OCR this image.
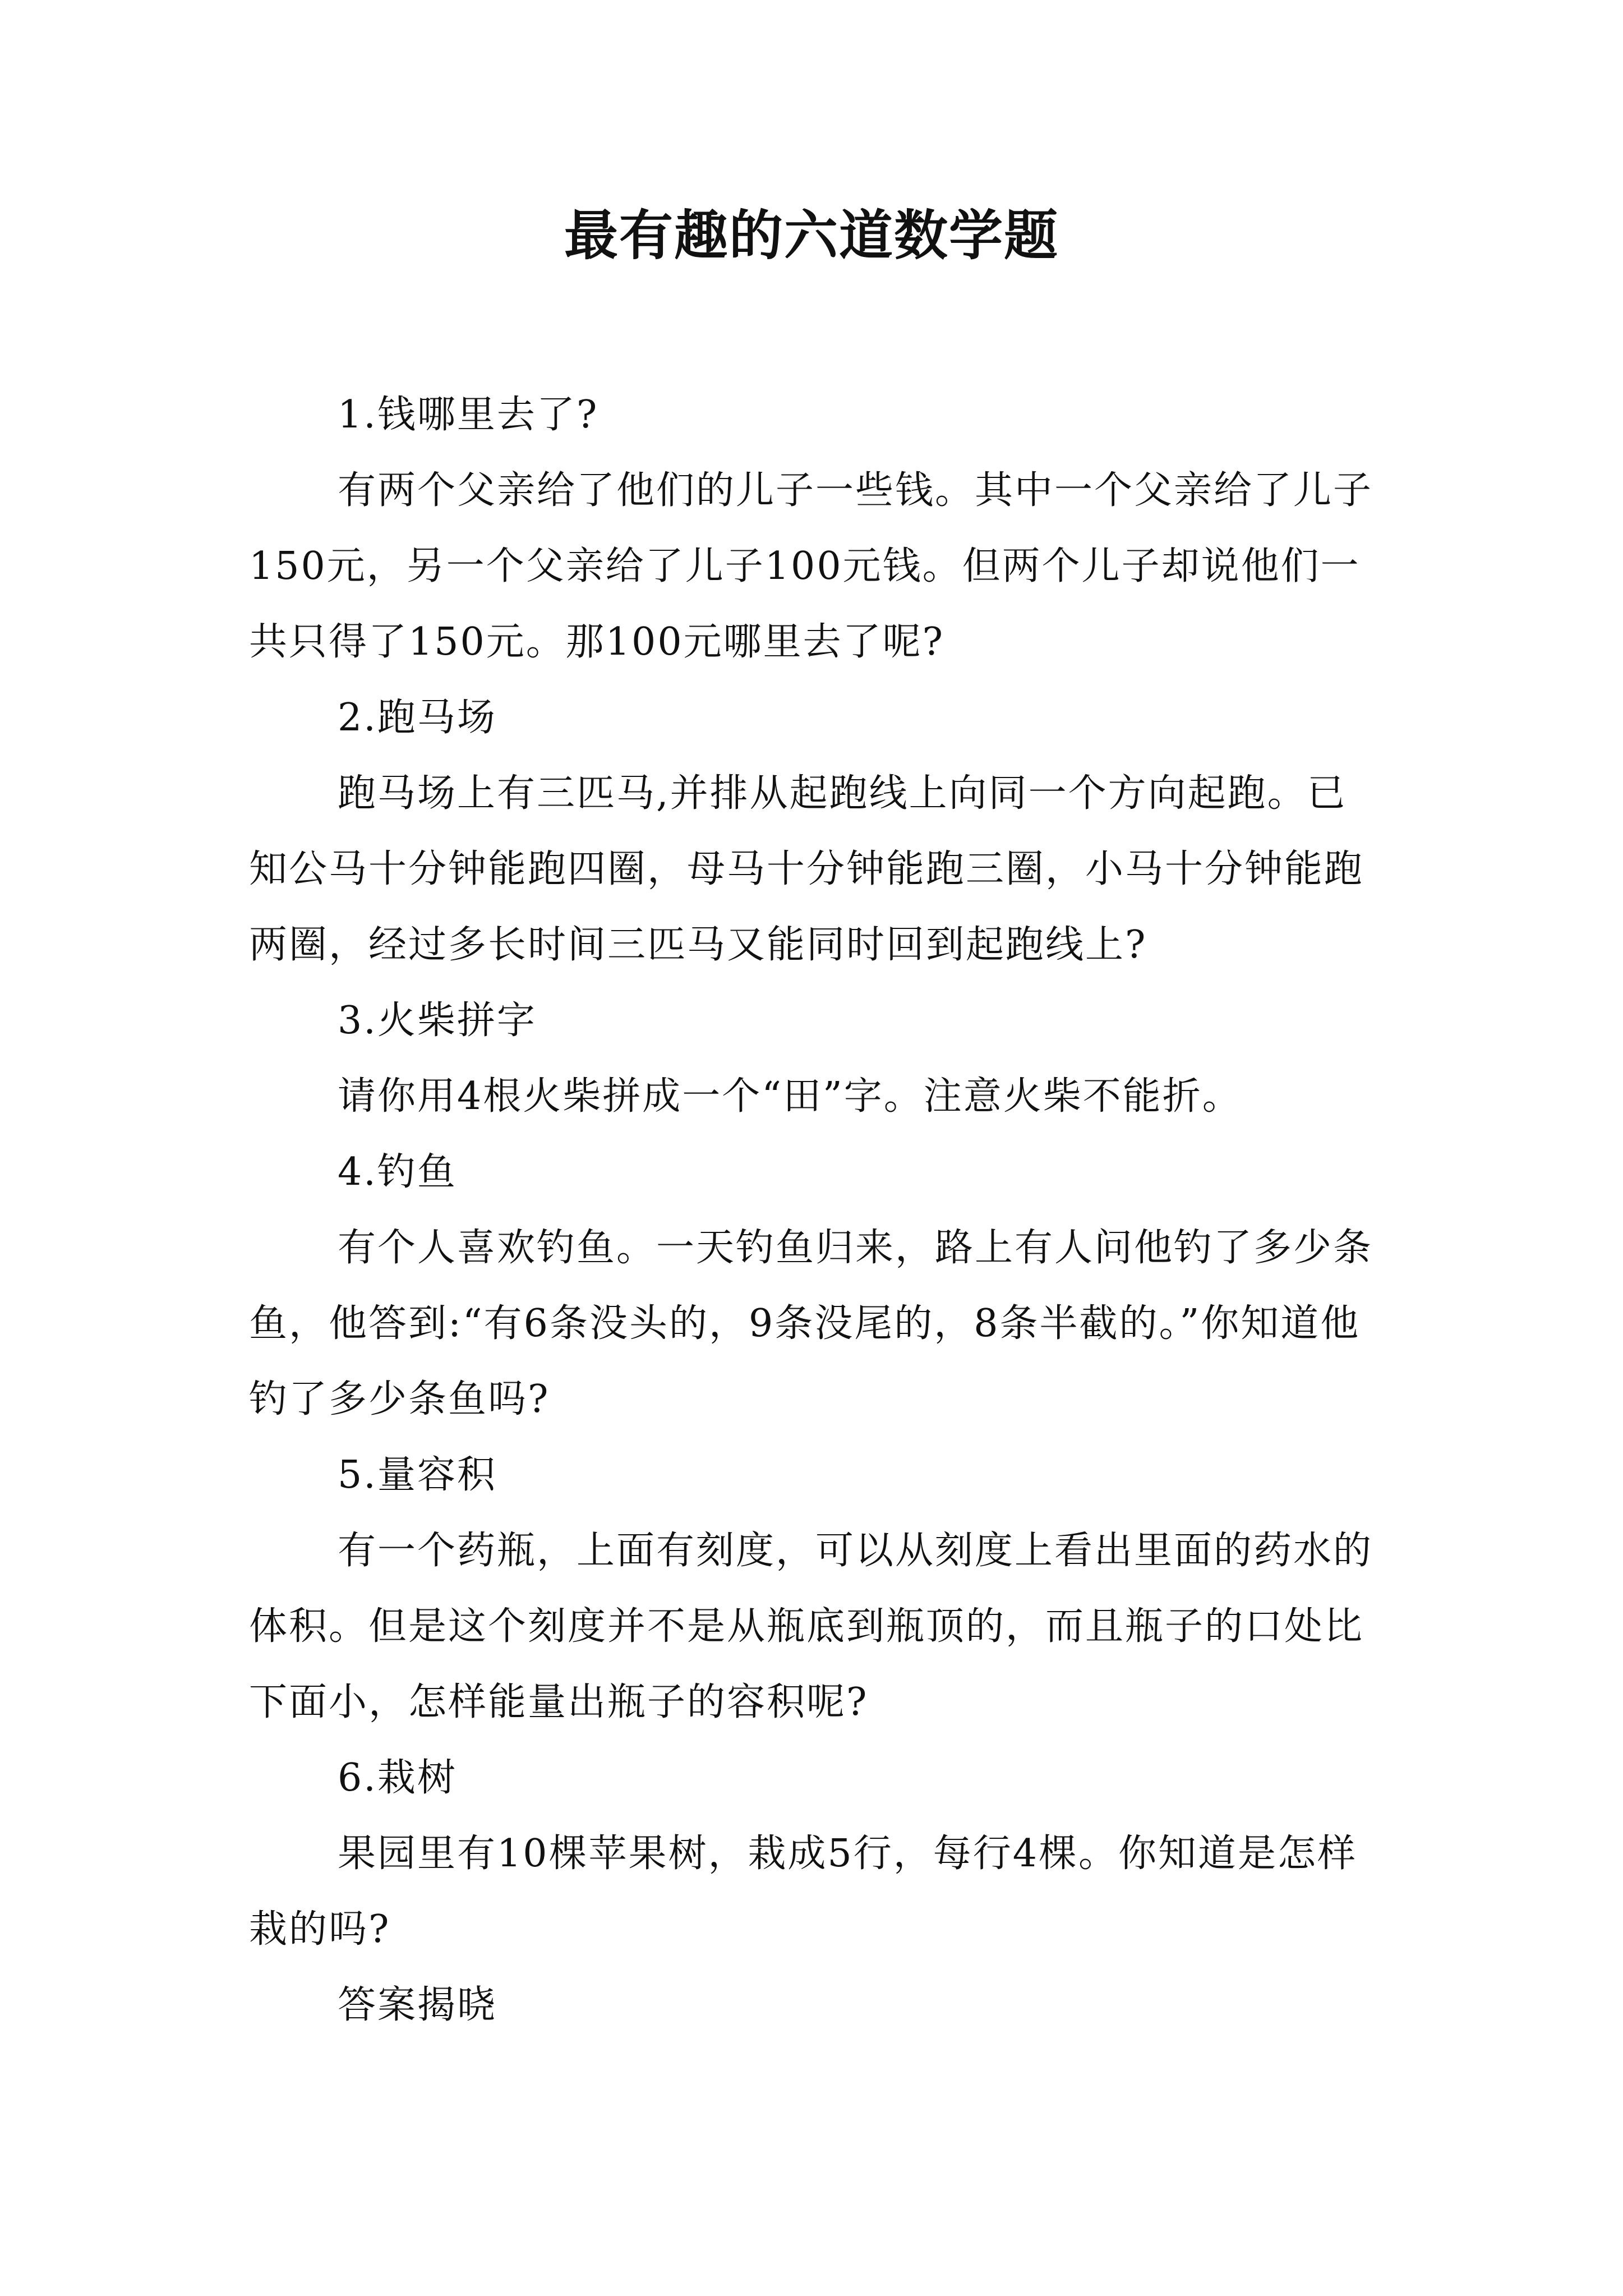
最有趣的六道数学题

1.钱哪里去了?

有两个父亲给了他们的儿子一些钱。其中一个父亲给了儿子150元，另一个父亲给了儿子100元钱。但两个儿子却说他们一共只得了150元。那100元哪里去了呢?

2.跑马场

跑马场上有三匹马,并排从起跑线上向同一个方向起跑。已知公马十分钟能跑四圈，母马十分钟能跑三圈，小马十分钟能跑两圈，经过多长时间三匹马又能同时回到起跑线上?

3.火柴拼字

请你用4根火柴拼成一个“田”字。注意火柴不能折。

4.钓鱼

有个人喜欢钓鱼。一天钓鱼归来，路上有人问他钓了多少条鱼，他答到:“有6条没头的，9条没尾的，8条半截的。”你知道他钓了多少条鱼吗?

5.量容积

有一个药瓶，上面有刻度，可以从刻度上看出里面的药水的体积。但是这个刻度并不是从瓶底到瓶顶的，而且瓶子的口处比下面小，怎样能量出瓶子的容积呢?

6.栽树

果园里有10棵苹果树，栽成5行，每行4棵。你知道是怎样栽的吗?

答案揭晓
